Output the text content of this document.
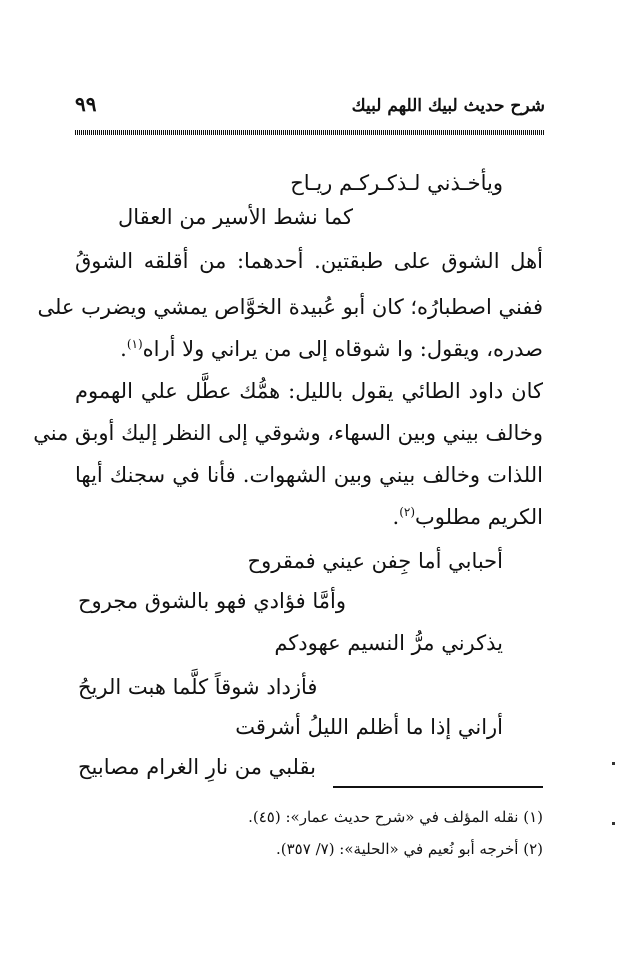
شرح حديث لبيك اللهم لبيك
٩٩
ويأخـذني لـذكـركـم ريـاح
كما نشط الأسير من العقال
أهل الشوق على طبقتين. أحدهما: من أقلقه الشوقُ
ففني اصطبارُه؛ كان أبو عُبيدة الخوَّاص يمشي ويضرب على
صدره، ويقول: وا شوقاه إلى من يراني ولا أراه$^{(١)}$.
كان داود الطائي يقول بالليل: همُّك عطَّل علي الهموم
وخالف بيني وبين السهاء، وشوقي إلى النظر إليك أوبق مني
اللذات وخالف بيني وبين الشهوات. فأنا في سجنك أيها
الكريم مطلوب$^{(٢)}$.
أحبابي أما جِفن عيني فمقروح
وأمَّا فؤادي فهو بالشوق مجروح
يذكرني مرُّ النسيم عهودكم
فأزداد شوقاً كلَّما هبت الريحُ
أراني إذا ما أظلم الليلُ أشرقت
بقلبي من نارِ الغرام مصابيح
(١) نقله المؤلف في «شرح حديث عمار»: (٤٥).
(٢) أخرجه أبو نُعيم في «الحلية»: (٧/ ٣٥٧).
